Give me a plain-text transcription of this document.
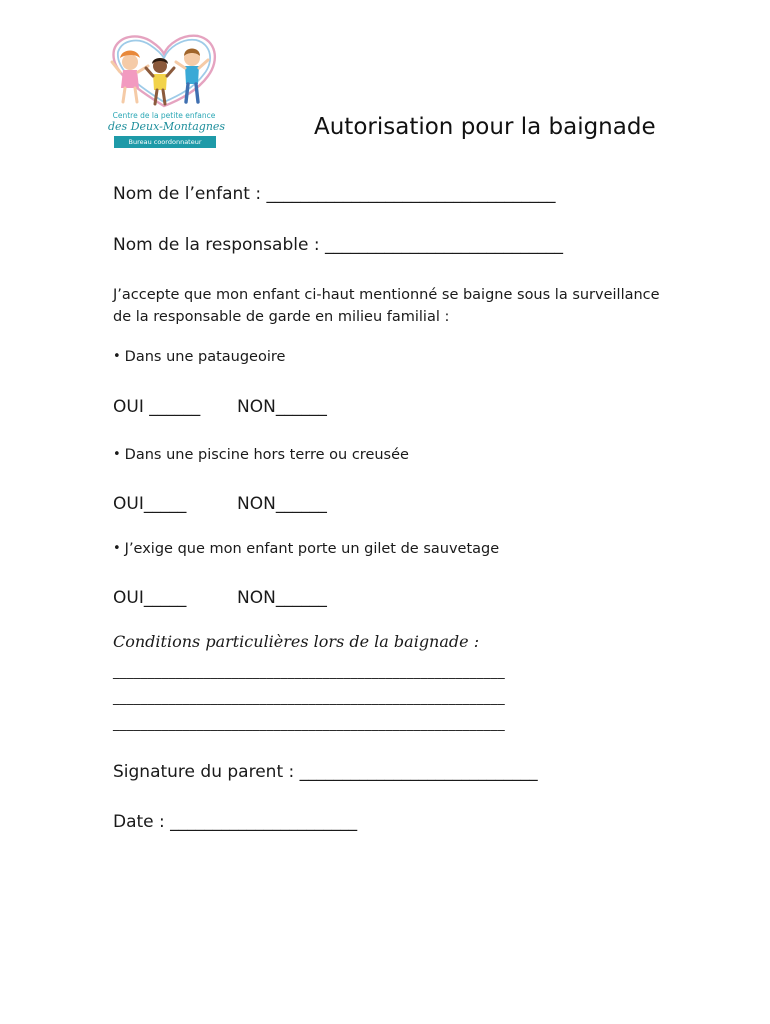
Centre de la petite enfance
des Deux-Montagnes
Bureau coordonnateur
Autorisation pour la baignade
Nom de l’enfant : __________________________________
Nom de la responsable : ____________________________
J’accepte que mon enfant ci-haut mentionné se baigne sous la surveillance de la responsable de garde en milieu familial :
• Dans une pataugeoire
OUI ______ NON______
• Dans une piscine hors terre ou creusée
OUI_____	NON______
• J’exige que mon enfant porte un gilet de sauvetage
OUI_____	NON______
Conditions particulières lors de la baignade :
________________________________________________________
________________________________________________________
________________________________________________________
Signature du parent : ____________________________
Date : ______________________
